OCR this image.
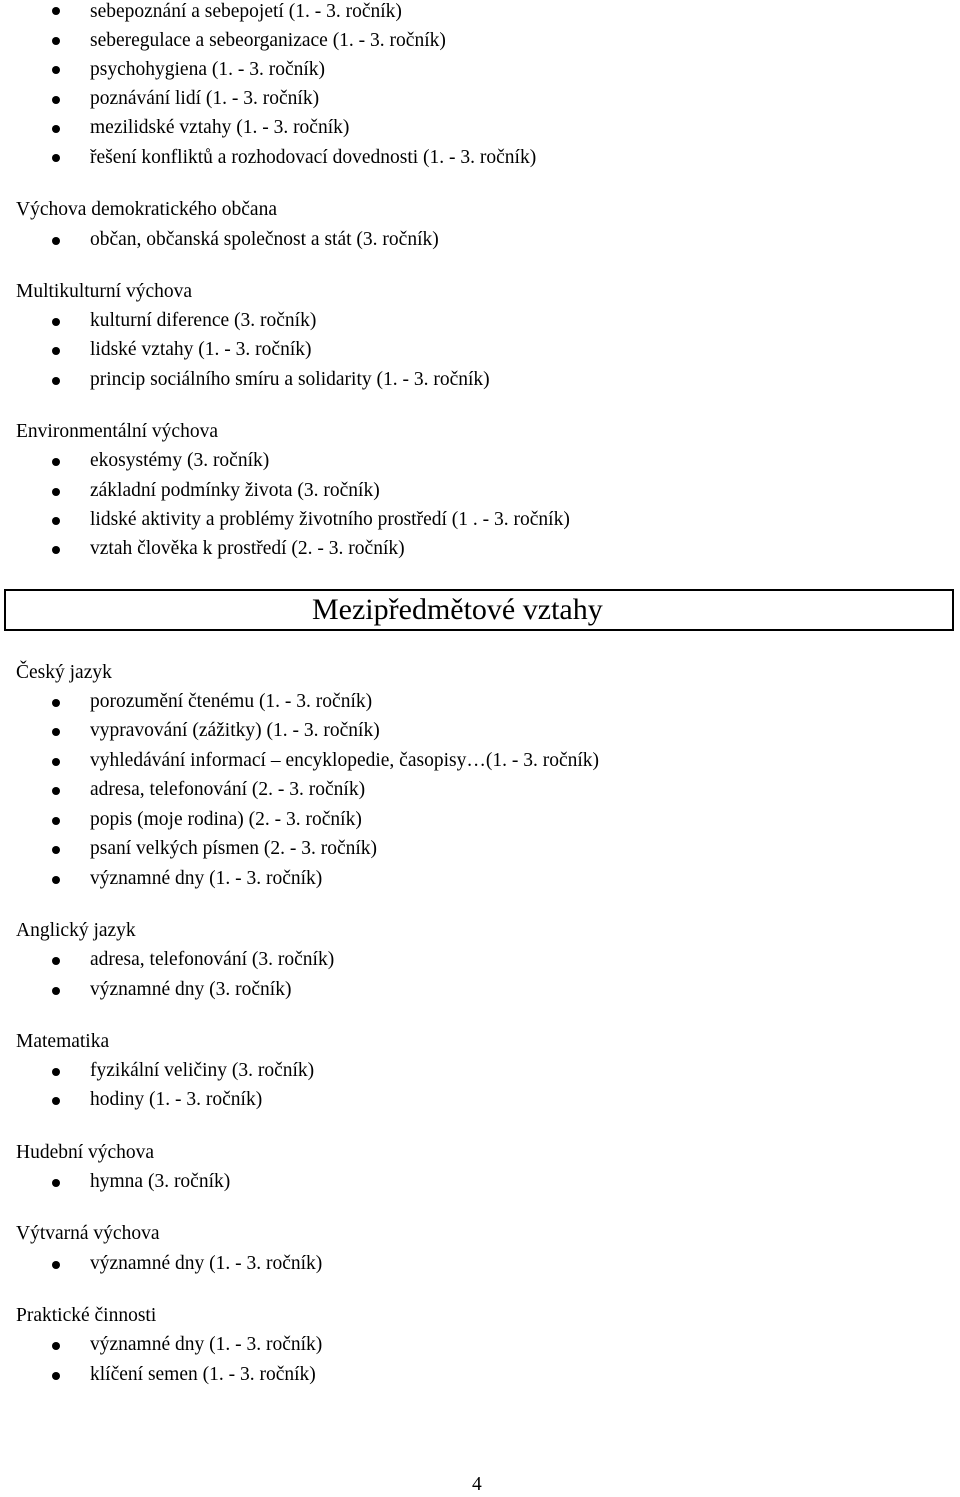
sebepoznání a sebepojetí (1. - 3. ročník)
seberegulace a sebeorganizace (1. - 3. ročník)
psychohygiena (1. - 3. ročník)
poznávání lidí (1. - 3. ročník)
mezilidské vztahy (1. - 3. ročník)
řešení konfliktů a rozhodovací dovednosti (1. - 3. ročník)
Výchova demokratického občana
občan, občanská společnost a stát (3. ročník)
Multikulturní výchova
kulturní diference (3. ročník)
lidské vztahy (1. - 3. ročník)
princip sociálního smíru a solidarity (1. - 3. ročník)
Environmentální výchova
ekosystémy (3. ročník)
základní podmínky života (3. ročník)
lidské aktivity a problémy životního prostředí (1 . - 3. ročník)
vztah člověka k prostředí (2. - 3. ročník)
Mezipředmětové vztahy
Český jazyk
porozumění čtenému (1. - 3. ročník)
vypravování (zážitky) (1. - 3. ročník)
vyhledávání informací – encyklopedie, časopisy…(1. - 3. ročník)
adresa, telefonování (2. - 3. ročník)
popis (moje rodina) (2. - 3. ročník)
psaní velkých písmen (2. - 3. ročník)
významné dny (1. - 3. ročník)
Anglický jazyk
adresa, telefonování (3. ročník)
významné dny (3. ročník)
Matematika
fyzikální veličiny (3. ročník)
hodiny (1. - 3. ročník)
Hudební výchova
hymna (3. ročník)
Výtvarná výchova
významné dny (1. - 3. ročník)
Praktické činnosti
významné dny (1. - 3. ročník)
klíčení semen (1. - 3. ročník)
4
